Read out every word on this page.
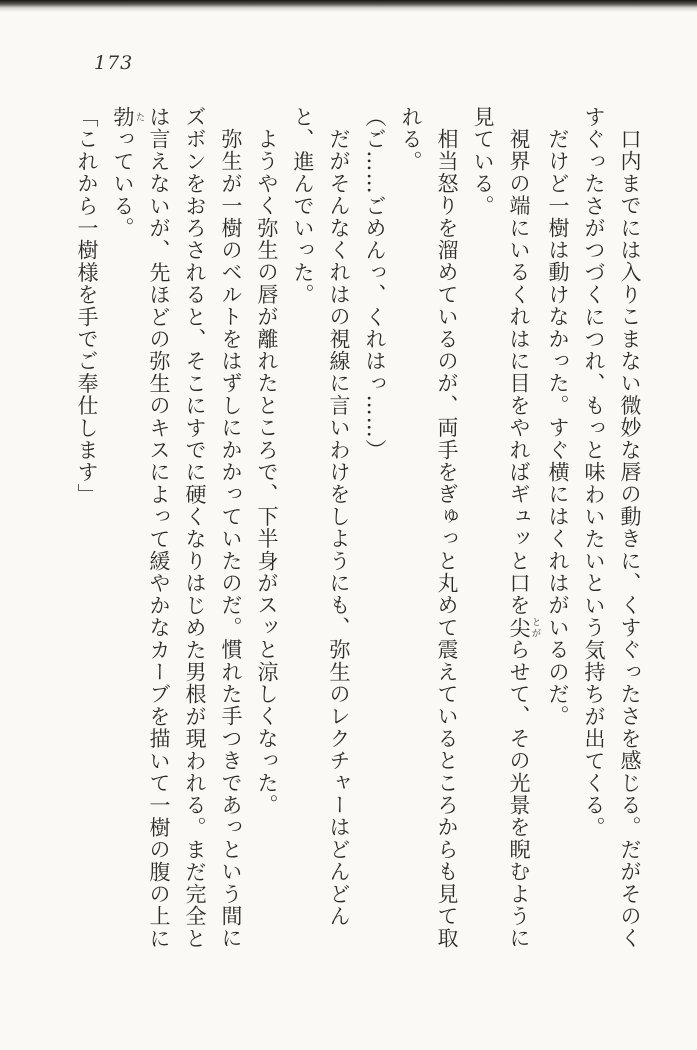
173

口内までには入りこまない微妙な唇の動きに、くすぐったさを感じる。だがそのくすぐったさがつづくにつれ、もっと味わいたいという気持ちが出てくる。

だけど一樹は動けなかった。すぐ横にはくれはがいるのだ。

視界の端にいるくれはに目をやればギュッと口を尖とがらせて、その光景を睨むように見ている。

相当怒りを溜めているのが、両手をぎゅっと丸めて震えているところからも見て取れる。

（ご……ごめんっ、くれはっ……）

だがそんなくれはの視線に言いわけをしようにも、弥生のレクチャーはどんどんと、進んでいった。

ようやく弥生の唇が離れたところで、下半身がスッと涼しくなった。

弥生が一樹のベルトをはずしにかかっていたのだ。慣れた手つきであっという間にズボンをおろされると、そこにすでに硬くなりはじめた男根が現われる。まだ完全とは言えないが、先ほどの弥生のキスによって緩やかなカーブを描いて一樹の腹の上に勃たっている。

「これから一樹様を手でご奉仕します」
